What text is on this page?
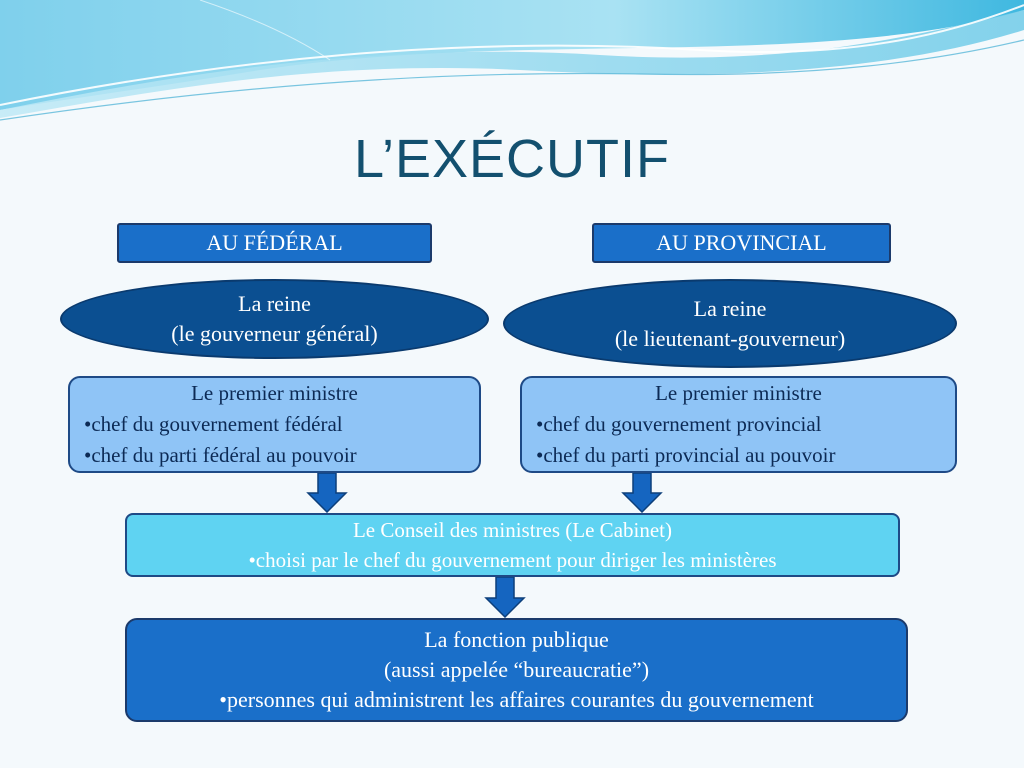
L’EXÉCUTIF
AU FÉDÉRAL
La reine
(le gouverneur général)
Le premier ministre
•chef du gouvernement fédéral
•chef du parti fédéral au pouvoir
AU PROVINCIAL
La reine
(le lieutenant-gouverneur)
Le premier ministre
•chef du gouvernement provincial
•chef du parti provincial au pouvoir
Le Conseil des ministres (Le Cabinet)
•choisi par le chef du gouvernement pour diriger les ministères
La fonction publique
(aussi appelée “bureaucratie”)
•personnes qui administrent les affaires courantes du gouvernement
